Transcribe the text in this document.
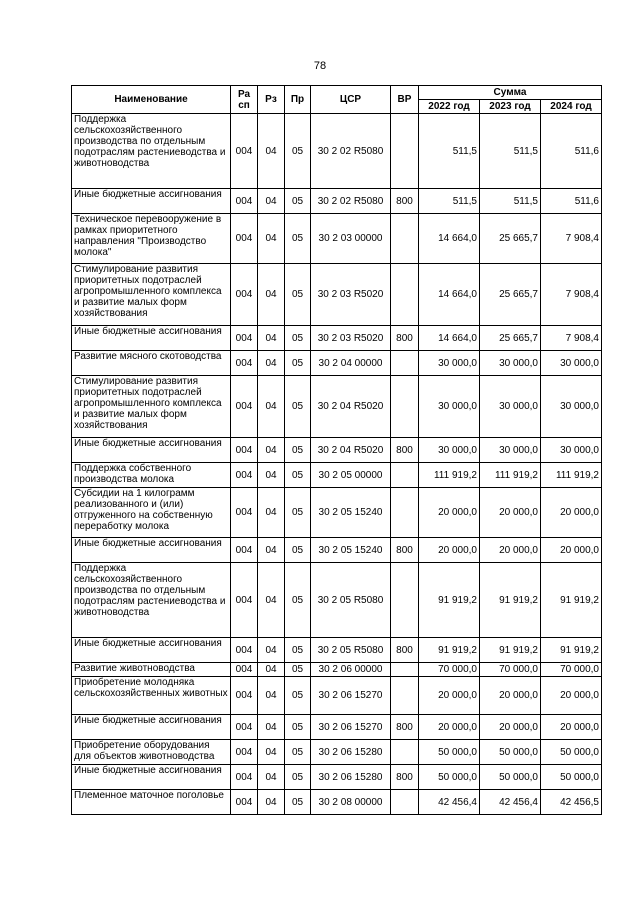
78
Наименование	Ра сп	Рз	Пр	ЦСР	ВР	Сумма		
						2022 год	2023 год	2024 год
Поддержка сельскохозяйственного производства по отдельным подотраслям растениеводства и животноводства	004	04	05	30 2 02 R5080		511,5	511,5	511,6
Иные бюджетные ассигнования	004	04	05	30 2 02 R5080	800	511,5	511,5	511,6
Техническое перевооружение в рамках приоритетного направления "Производство молока"	004	04	05	30 2 03 00000		14 664,0	25 665,7	7 908,4
Стимулирование развития приоритетных подотраслей агропромышленного комплекса и развитие малых форм хозяйствования	004	04	05	30 2 03 R5020		14 664,0	25 665,7	7 908,4
Иные бюджетные ассигнования	004	04	05	30 2 03 R5020	800	14 664,0	25 665,7	7 908,4
Развитие мясного скотоводства	004	04	05	30 2 04 00000		30 000,0	30 000,0	30 000,0
Стимулирование развития приоритетных подотраслей агропромышленного комплекса и развитие малых форм хозяйствования	004	04	05	30 2 04 R5020		30 000,0	30 000,0	30 000,0
Иные бюджетные ассигнования	004	04	05	30 2 04 R5020	800	30 000,0	30 000,0	30 000,0
Поддержка собственного производства молока	004	04	05	30 2 05 00000		111 919,2	111 919,2	111 919,2
Субсидии на 1 килограмм реализованного и (или) отгруженного на собственную переработку молока	004	04	05	30 2 05 15240		20 000,0	20 000,0	20 000,0
Иные бюджетные ассигнования	004	04	05	30 2 05 15240	800	20 000,0	20 000,0	20 000,0
Поддержка сельскохозяйственного производства по отдельным подотраслям растениеводства и животноводства	004	04	05	30 2 05 R5080		91 919,2	91 919,2	91 919,2
Иные бюджетные ассигнования	004	04	05	30 2 05 R5080	800	91 919,2	91 919,2	91 919,2
Развитие животноводства	004	04	05	30 2 06 00000		70 000,0	70 000,0	70 000,0
Приобретение молодняка сельскохозяйственных животных	004	04	05	30 2 06 15270		20 000,0	20 000,0	20 000,0
Иные бюджетные ассигнования	004	04	05	30 2 06 15270	800	20 000,0	20 000,0	20 000,0
Приобретение оборудования для объектов животноводства	004	04	05	30 2 06 15280		50 000,0	50 000,0	50 000,0
Иные бюджетные ассигнования	004	04	05	30 2 06 15280	800	50 000,0	50 000,0	50 000,0
Племенное маточное поголовье	004	04	05	30 2 08 00000		42 456,4	42 456,4	42 456,5
